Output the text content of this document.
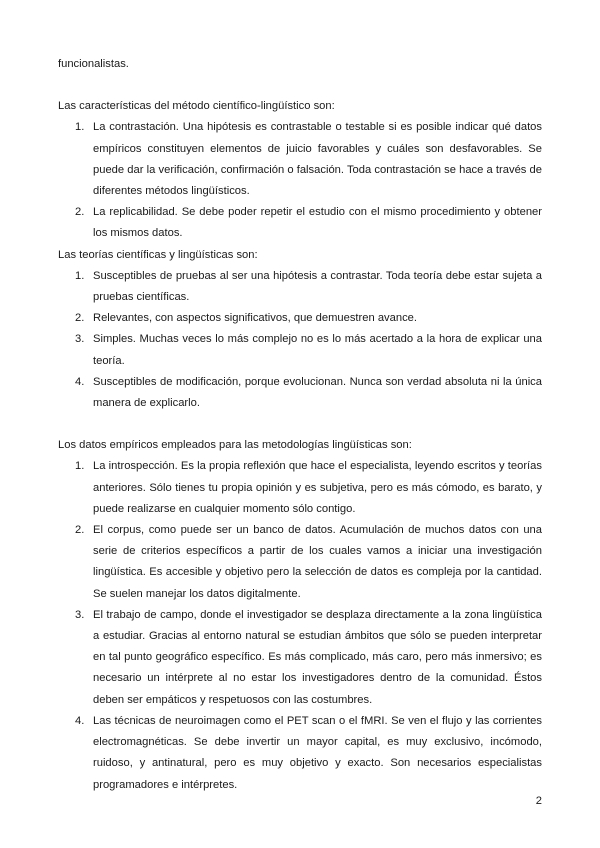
funcionalistas.

Las características del método científico-lingüístico son:

1. La contrastación. Una hipótesis es contrastable o testable si es posible indicar qué datos empíricos constituyen elementos de juicio favorables y cuáles son desfavorables. Se puede dar la verificación, confirmación o falsación. Toda contrastación se hace a través de diferentes métodos lingüísticos.
2. La replicabilidad. Se debe poder repetir el estudio con el mismo procedimiento y obtener los mismos datos.

Las teorías científicas y lingüísticas son:

1. Susceptibles de pruebas al ser una hipótesis a contrastar. Toda teoría debe estar sujeta a pruebas científicas.
2. Relevantes, con aspectos significativos, que demuestren avance.
3. Simples. Muchas veces lo más complejo no es lo más acertado a la hora de explicar una teoría.
4. Susceptibles de modificación, porque evolucionan. Nunca son verdad absoluta ni la única manera de explicarlo.

Los datos empíricos empleados para las metodologías lingüísticas son:

1. La introspección. Es la propia reflexión que hace el especialista, leyendo escritos y teorías anteriores. Sólo tienes tu propia opinión y es subjetiva, pero es más cómodo, es barato, y puede realizarse en cualquier momento sólo contigo.
2. El corpus, como puede ser un banco de datos. Acumulación de muchos datos con una serie de criterios específicos a partir de los cuales vamos a iniciar una investigación lingüística. Es accesible y objetivo pero la selección de datos es compleja por la cantidad. Se suelen manejar los datos digitalmente.
3. El trabajo de campo, donde el investigador se desplaza directamente a la zona lingüística a estudiar. Gracias al entorno natural se estudian ámbitos que sólo se pueden interpretar en tal punto geográfico específico. Es más complicado, más caro, pero más inmersivo; es necesario un intérprete al no estar los investigadores dentro de la comunidad. Éstos deben ser empáticos y respetuosos con las costumbres.
4. Las técnicas de neuroimagen como el PET scan o el fMRI. Se ven el flujo y las corrientes electromagnéticas. Se debe invertir un mayor capital, es muy exclusivo, incómodo, ruidoso, y antinatural, pero es muy objetivo y exacto. Son necesarios especialistas programadores e intérpretes.
2
